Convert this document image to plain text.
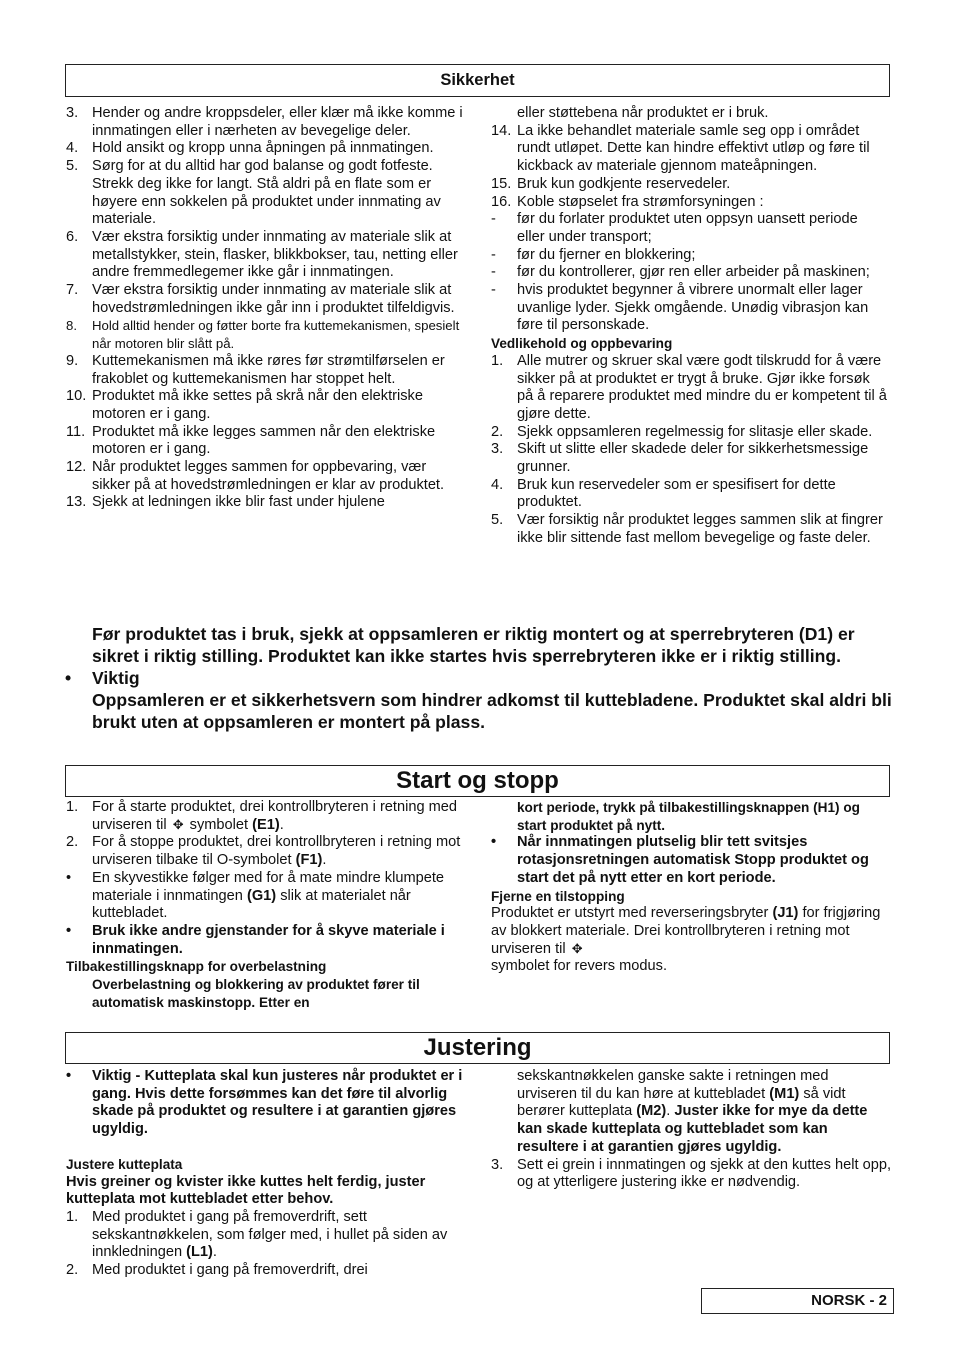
Sikkerhet
3. Hender og andre kroppsdeler, eller klær må ikke komme i innmatingen eller i nærheten av bevegelige deler.
4. Hold ansikt og kropp unna åpningen på innmatingen.
5. Sørg for at du alltid har god balanse og godt fotfeste. Strekk deg ikke for langt. Stå aldri på en flate som er høyere enn sokkelen på produktet under innmating av materiale.
6. Vær ekstra forsiktig under innmating av materiale slik at metallstykker, stein, flasker, blikkbokser, tau, netting eller andre fremmedlegemer ikke går i innmatingen.
7. Vær ekstra forsiktig under innmating av materiale slik at hovedstrømledningen ikke går inn i produktet tilfeldigvis.
8. Hold alltid hender og føtter borte fra kuttemekanismen, spesielt når motoren blir slått på.
9. Kuttemekanismen må ikke røres før strømtilførselen er frakoblet og kuttemekanismen har stoppet helt.
10. Produktet må ikke settes på skrå når den elektriske motoren er i gang.
11. Produktet må ikke legges sammen når den elektriske motoren er i gang.
12. Når produktet legges sammen for oppbevaring, vær sikker på at hovedstrømledningen er klar av produktet.
13. Sjekk at ledningen ikke blir fast under hjulene
eller støttebena når produktet er i bruk.
14. La ikke behandlet materiale samle seg opp i området rundt utløpet. Dette kan hindre effektivt utløp og føre til kickback av materiale gjennom mateåpningen.
15. Bruk kun godkjente reservedeler.
16. Koble støpselet fra strømforsyningen :
- før du forlater produktet uten oppsyn uansett periode eller under transport;
- før du fjerner en blokkering;
- før du kontrollerer, gjør ren eller arbeider på maskinen;
- hvis produktet begynner å vibrere unormalt eller lager uvanlige lyder. Sjekk omgående. Unødig vibrasjon kan føre til personskade.
Vedlikehold og oppbevaring
1. Alle mutrer og skruer skal være godt tilskrudd for å være sikker på at produktet er trygt å bruke. Gjør ikke forsøk på å reparere produktet med mindre du er kompetent til å gjøre dette.
2. Sjekk oppsamleren regelmessig for slitasje eller skade.
3. Skift ut slitte eller skadede deler for sikkerhetsmessige grunner.
4. Bruk kun reservedeler som er spesifisert for dette produktet.
5. Vær forsiktig når produktet legges sammen slik at fingrer ikke blir sittende fast mellom bevegelige og faste deler.
Før produktet tas i bruk, sjekk at oppsamleren er riktig montert og at sperrebryteren (D1) er sikret i riktig stilling. Produktet kan ikke startes hvis sperrebryteren ikke er i riktig stilling.
• Viktig
Oppsamleren er et sikkerhetsvern som hindrer adkomst til kuttebladene. Produktet skal aldri bli brukt uten at oppsamleren er montert på plass.
Start og stopp
1. For å starte produktet, drei kontrollbryteren i retning med urviseren til ✥ symbolet (E1).
2. For å stoppe produktet, drei kontrollbryteren i retning mot urviseren tilbake til O-symbolet (F1).
• En skyvestikke følger med for å mate mindre klumpete materiale i innmatingen (G1) slik at materialet når kuttebladet.
• Bruk ikke andre gjenstander for å skyve materiale i innmatingen.
Tilbakestillingsknapp for overbelastning
Overbelastning og blokkering av produktet fører til automatisk maskinstopp. Etter en
kort periode, trykk på tilbakestillingsknappen (H1) og start produktet på nytt.
• Når innmatingen plutselig blir tett svitsjes rotasjonsretningen automatisk Stopp produktet og start det på nytt etter en kort periode.
Fjerne en tilstopping
Produktet er utstyrt med reverseringsbryter (J1) for frigjøring av blokkert materiale. Drei kontrollbryteren i retning mot urviseren til ✥
symbolet for revers modus.
Justering
• Viktig - Kutteplata skal kun justeres når produktet er i gang. Hvis dette forsømmes kan det føre til alvorlig skade på produktet og resultere i at garantien gjøres ugyldig.
Justere kutteplata
Hvis greiner og kvister ikke kuttes helt ferdig, juster kutteplata mot kuttebladet etter behov.
1. Med produktet i gang på fremoverdrift, sett sekskantnøkkelen, som følger med, i hullet på siden av innkledningen (L1).
2. Med produktet i gang på fremoverdrift, drei
sekskantnøkkelen ganske sakte i retningen med urviseren til du kan høre at kuttebladet (M1) så vidt berører kutteplata (M2). Juster ikke for mye da dette kan skade kutteplata og kuttebladet som kan resultere i at garantien gjøres ugyldig.
3. Sett ei grein i innmatingen og sjekk at den kuttes helt opp, og at ytterligere justering ikke er nødvendig.
NORSK - 2
